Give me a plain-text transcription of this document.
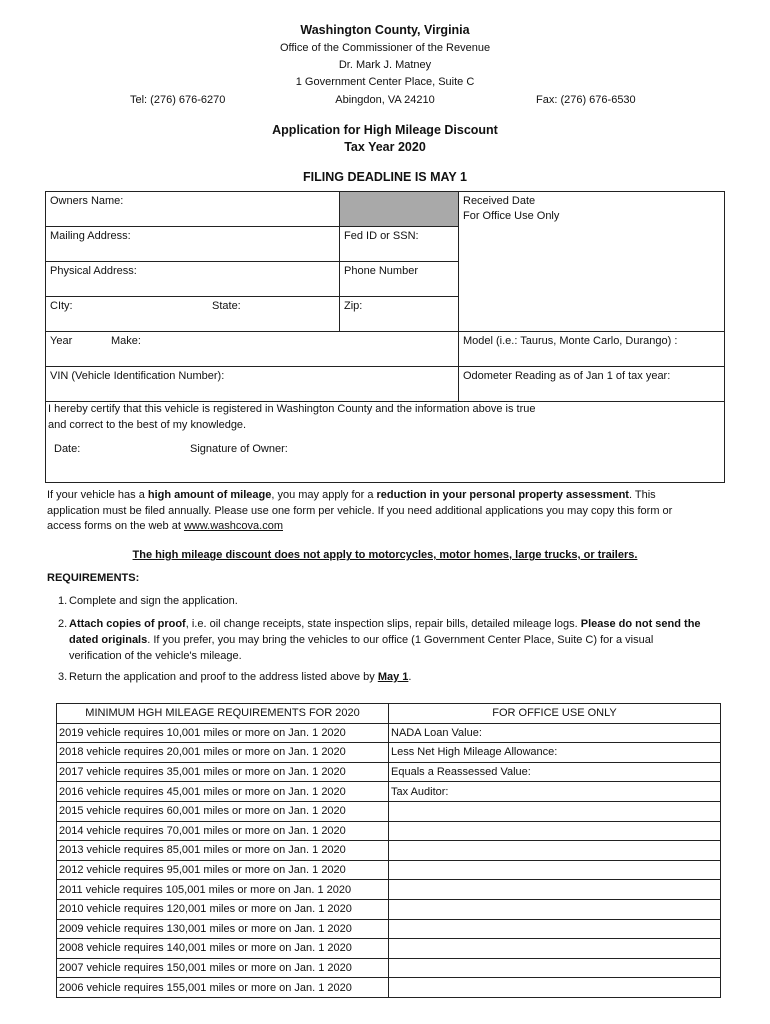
Washington County, Virginia
Office of the Commissioner of the Revenue
Dr. Mark J. Matney
1 Government Center Place, Suite C
Abingdon, VA 24210
Tel: (276) 676-6270	Fax: (276) 676-6530
Application for High Mileage Discount
Tax Year 2020
FILING DEADLINE IS MAY 1
Owners Name:	Received Date
For Office Use Only
Mailing Address:	Fed ID or SSN:
Physical Address:	Phone Number
CIty:	State:	Zip:
Year	Make:	Model (i.e.: Taurus, Monte Carlo, Durango) :
VIN (Vehicle Identification Number):	Odometer Reading as of Jan 1 of tax year:
I hereby certify that this vehicle is registered in Washington County and the information above is true
and correct to the best of my knowledge.
Date:	Signature of Owner:
If your vehicle has a high amount of mileage, you may apply for a reduction in your personal property assessment. This
application must be filed annually. Please use one form per vehicle. If you need additional applications you may copy this form or
access forms on the web at www.washcova.com
The high mileage discount does not apply to motorcycles, motor homes, large trucks, or trailers.
REQUIREMENTS:
1. Complete and sign the application.
2. Attach copies of proof, i.e. oil change receipts, state inspection slips, repair bills, detailed mileage logs. Please do not send the
dated originals. If you prefer, you may bring the vehicles to our office (1 Government Center Place, Suite C) for a visual
verification of the vehicle's mileage.
3. Return the application and proof to the address listed above by May 1.
MINIMUM HGH MILEAGE REQUIREMENTS FOR 2020	FOR OFFICE USE ONLY
2019 vehicle requires 10,001 miles or more on Jan. 1 2020	NADA Loan Value:
2018 vehicle requires 20,001 miles or more on Jan. 1 2020	Less Net High Mileage Allowance:
2017 vehicle requires 35,001 miles or more on Jan. 1 2020	Equals a Reassessed Value:
2016 vehicle requires 45,001 miles or more on Jan. 1 2020	Tax Auditor:
2015 vehicle requires 60,001 miles or more on Jan. 1 2020	
2014 vehicle requires 70,001 miles or more on Jan. 1 2020	
2013 vehicle requires 85,001 miles or more on Jan. 1 2020	
2012 vehicle requires 95,001 miles or more on Jan. 1 2020	
2011 vehicle requires 105,001 miles or more on Jan. 1 2020	
2010 vehicle requires 120,001 miles or more on Jan. 1 2020	
2009 vehicle requires 130,001 miles or more on Jan. 1 2020	
2008 vehicle requires 140,001 miles or more on Jan. 1 2020	
2007 vehicle requires 150,001 miles or more on Jan. 1 2020	
2006 vehicle requires 155,001 miles or more on Jan. 1 2020	
